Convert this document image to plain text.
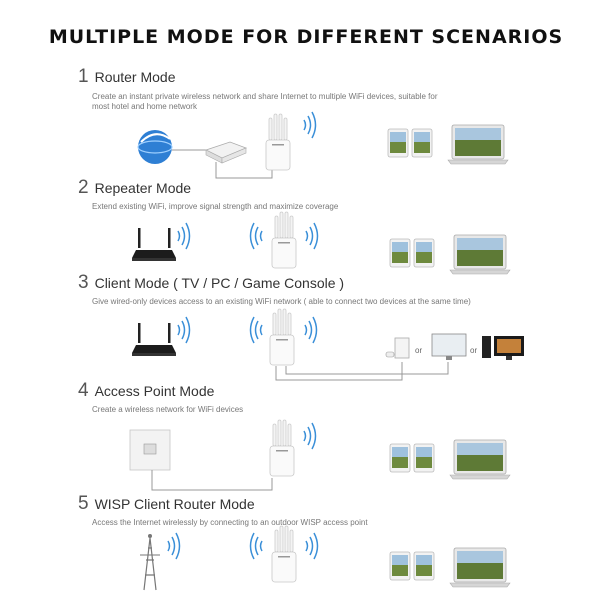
MULTIPLE MODE FOR DIFFERENT SCENARIOS
1 Router Mode
Create an instant private wireless network and share Internet to multiple WiFi devices, suitable for most hotel and home network
2 Repeater Mode
Extend existing WiFi, improve signal strength and maximize coverage
3 Client Mode ( TV / PC / Game Console )
Give wired-only devices access to an existing WiFi network ( able to connect two devices at the same time)
4 Access Point Mode
Create a wireless network for WiFi devices
5 WISP Client Router Mode
Access the Internet wirelessly by connecting to an outdoor WISP access point
or	or
